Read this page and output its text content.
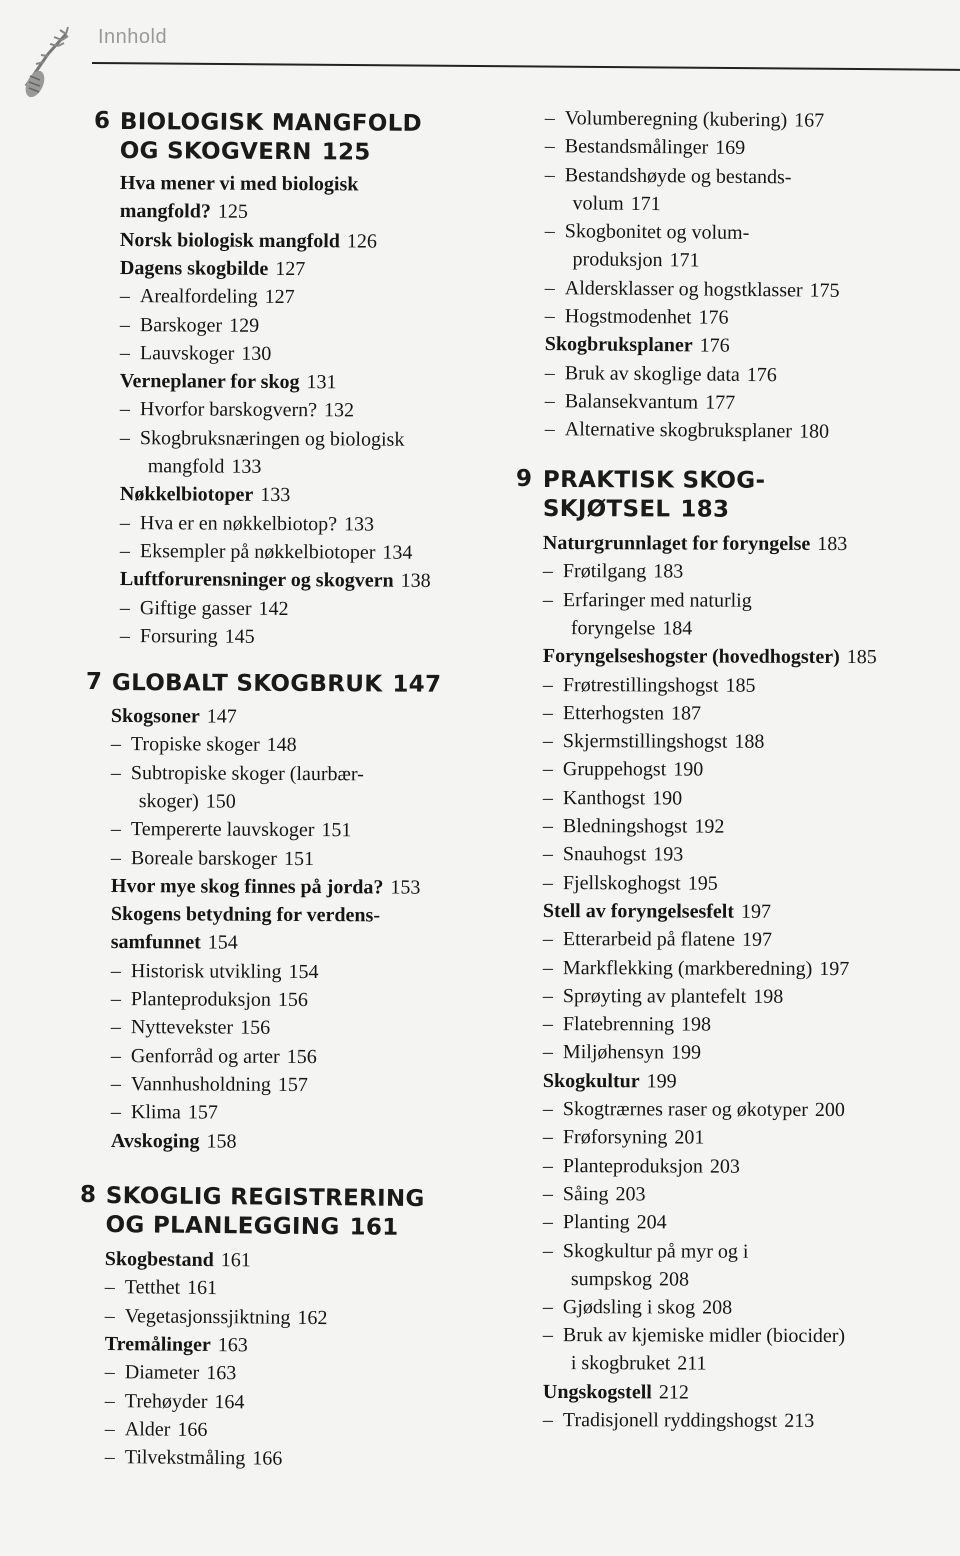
Innhold
6 BIOLOGISK MANGFOLD
OG SKOGVERN 125
Hva mener vi med biologisk
mangfold? 125
Norsk biologisk mangfold 126
Dagens skogbilde 127
– Arealfordeling 127
– Barskoger 129
– Lauvskoger 130
Verneplaner for skog 131
– Hvorfor barskogvern? 132
– Skogbruksnæringen og biologisk
mangfold 133
Nøkkelbiotoper 133
– Hva er en nøkkelbiotop? 133
– Eksempler på nøkkelbiotoper 134
Luftforurensninger og skogvern 138
– Giftige gasser 142
– Forsuring 145
7 GLOBALT SKOGBRUK 147
Skogsoner 147
– Tropiske skoger 148
– Subtropiske skoger (laurbær-
skoger) 150
– Tempererte lauvskoger 151
– Boreale barskoger 151
Hvor mye skog finnes på jorda? 153
Skogens betydning for verdens-
samfunnet 154
– Historisk utvikling 154
– Planteproduksjon 156
– Nyttevekster 156
– Genforråd og arter 156
– Vannhusholdning 157
– Klima 157
Avskoging 158
8 SKOGLIG REGISTRERING
OG PLANLEGGING 161
Skogbestand 161
– Tetthet 161
– Vegetasjonssjiktning 162
Tremålinger 163
– Diameter 163
– Trehøyder 164
– Alder 166
– Tilvekstmåling 166
– Volumberegning (kubering) 167
– Bestandsmålinger 169
– Bestandshøyde og bestands-
volum 171
– Skogbonitet og volum-
produksjon 171
– Aldersklasser og hogstklasser 175
– Hogstmodenhet 176
Skogbruksplaner 176
– Bruk av skoglige data 176
– Balansekvantum 177
– Alternative skogbruksplaner 180
9 PRAKTISK SKOG-
SKJØTSEL 183
Naturgrunnlaget for foryngelse 183
– Frøtilgang 183
– Erfaringer med naturlig
foryngelse 184
Foryngelseshogster (hovedhogster) 185
– Frøtrestillingshogst 185
– Etterhogsten 187
– Skjermstillingshogst 188
– Gruppehogst 190
– Kanthogst 190
– Bledningshogst 192
– Snauhogst 193
– Fjellskoghogst 195
Stell av foryngelsesfelt 197
– Etterarbeid på flatene 197
– Markflekking (markberedning) 197
– Sprøyting av plantefelt 198
– Flatebrenning 198
– Miljøhensyn 199
Skogkultur 199
– Skogtrærnes raser og økotyper 200
– Frøforsyning 201
– Planteproduksjon 203
– Såing 203
– Planting 204
– Skogkultur på myr og i
sumpskog 208
– Gjødsling i skog 208
– Bruk av kjemiske midler (biocider)
i skogbruket 211
Ungskogstell 212
– Tradisjonell ryddingshogst 213
